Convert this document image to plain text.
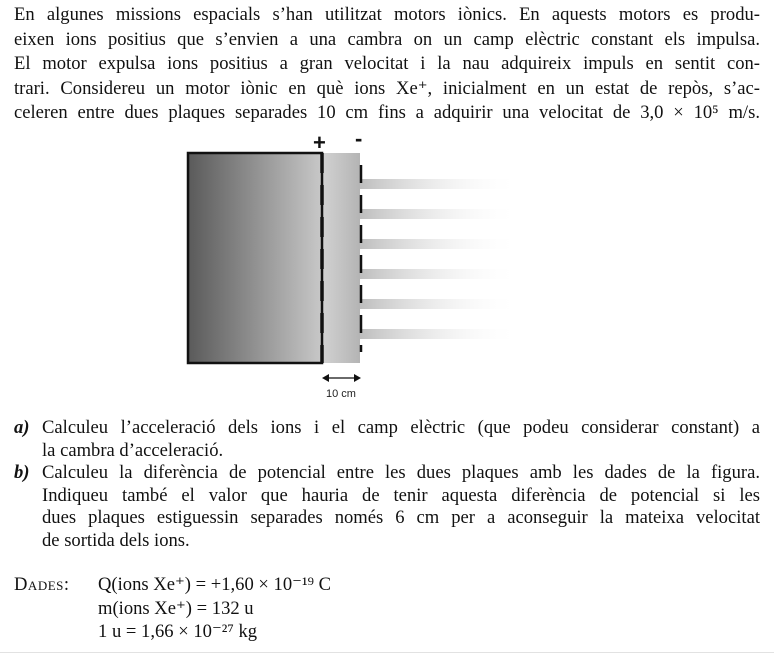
En algunes missions espacials s’han utilitzat motors iònics. En aquests motors es produ-
eixen ions positius que s’envien a una cambra on un camp elèctric constant els impulsa.
El motor expulsa ions positius a gran velocitat i la nau adquireix impuls en sentit con-
trari. Considereu un motor iònic en què ions Xe⁺, inicialment en un estat de repòs, s’ac-
celeren entre dues plaques separades 10 cm fins a adquirir una velocitat de 3,0 × 10⁵ m/s.
+ -
10 cm
a) Calculeu l’acceleració dels ions i el camp elèctric (que podeu considerar constant) a
la cambra d’acceleració.
b) Calculeu la diferència de potencial entre les dues plaques amb les dades de la figura.
Indiqueu també el valor que hauria de tenir aquesta diferència de potencial si les
dues plaques estiguessin separades només 6 cm per a aconseguir la mateixa velocitat
de sortida dels ions.
Dades: Q(ions Xe⁺) = +1,60 × 10⁻¹⁹ C
m(ions Xe⁺) = 132 u
1 u = 1,66 × 10⁻²⁷ kg
